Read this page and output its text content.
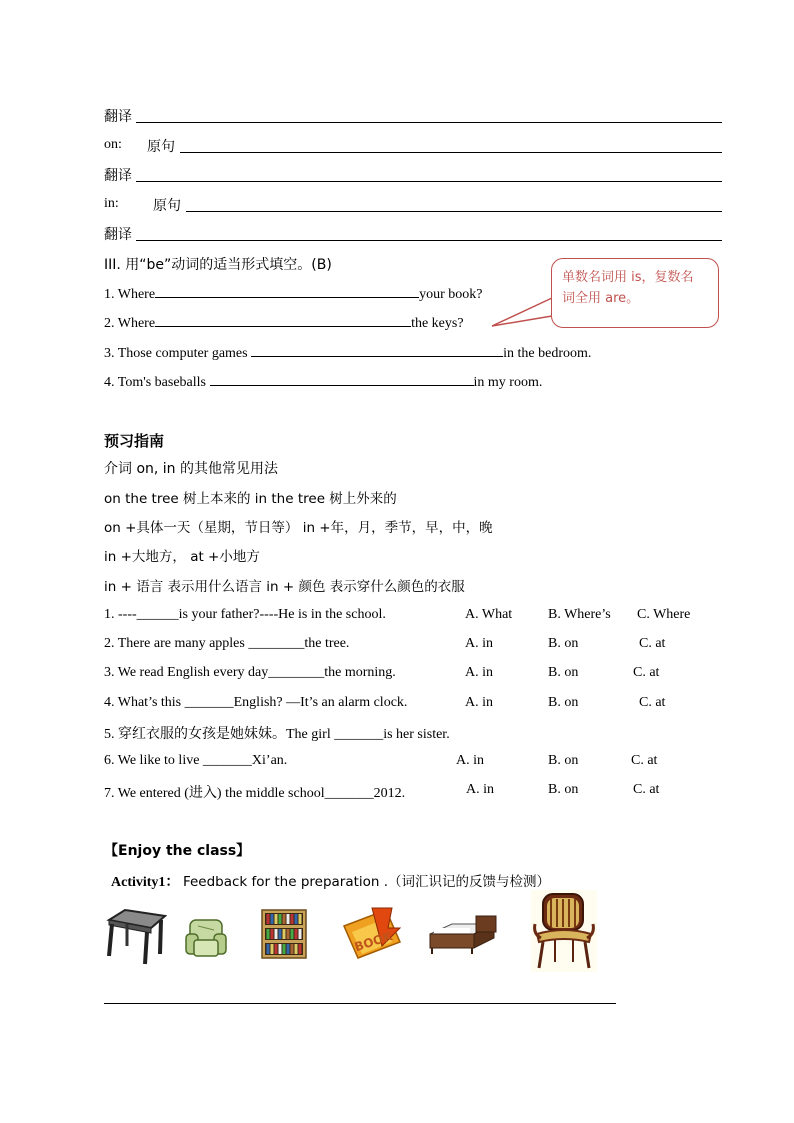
翻译
on: 原句
翻译
in: 原句
翻译
III. 用“be”动词的适当形式填空。(B)
1. Where	your book?
2. Where	the keys?
3. Those computer games	in the bedroom.
4. Tom's baseballs	in my room.
单数名词用 is，复数名
词全用 are。
预习指南
介词 on, in 的其他常见用法
on the tree 树上本来的 in the tree 树上外来的
on +具体一天（星期，节日等） in +年，月，季节，早，中，晚
in +大地方， at +小地方
in + 语言 表示用什么语言 in + 颜色 表示穿什么颜色的衣服
1. ----______is your father?----He is in the school.	A. What	B. Where’s C. Where
2. There are many apples ________the tree.	A. in	B. on	C. at
3. We read English every day________the morning.	A. in	B. on	C. at
4. What’s this _______English? —It’s an alarm clock.	A. in	B. on	C. at
5. 穿红衣服的女孩是她妹妹。The girl _______is her sister.
6. We like to live _______Xi’an.	A. in	B. on	C. at
7. We entered (进入) the middle school_______2012.	A. in	B. on	C. at
【Enjoy the class】
Activity1： Feedback for the preparation .（词汇识记的反馈与检测）
BOOK
